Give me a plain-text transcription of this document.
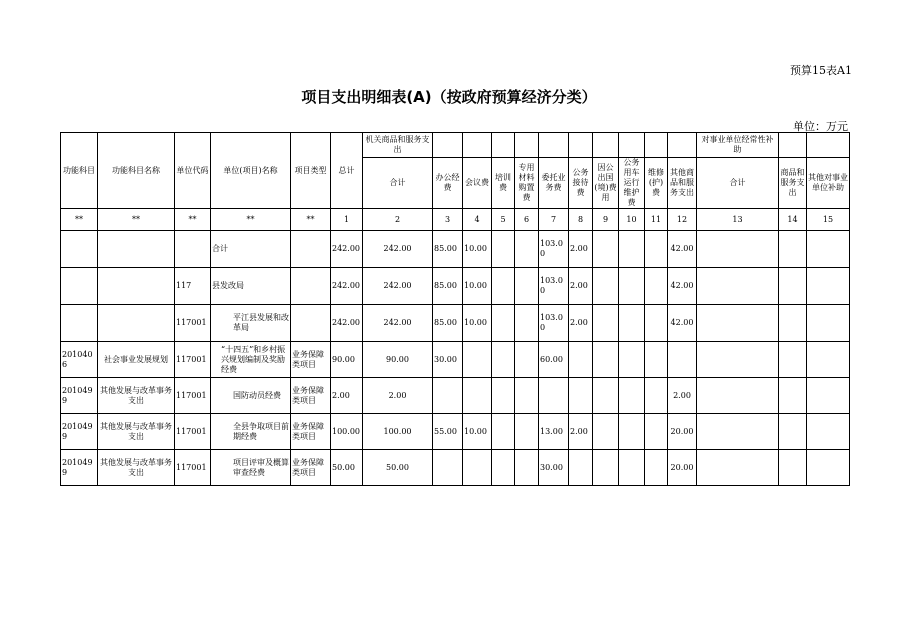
预算15表A1
项目支出明细表(A)（按政府预算经济分类）
单位：万元
功能科目	功能科目名称	单位代码	单位(项目)名称	项目类型	总计	机关商品和服务支出											对事业单位经常性补助		
						合计	办公经费	会议费	培训费	专用材料购置费	委托业务费	公务接待费	因公出国(境)费用	公务用车运行维护费	维修(护)费	其他商品和服务支出	合计	商品和服务支出	其他对事业单位补助
**	**	**	**	**	1	2	3	4	5	6	7	8	9	10	11	12	13	14	15
			合计		242.00	242.00	85.00	10.00			103.00	2.00				42.00			
		117	县发改局		242.00	242.00	85.00	10.00			103.00	2.00				42.00			
		117001	平江县发展和改革局		242.00	242.00	85.00	10.00			103.00	2.00				42.00			
2010406	社会事业发展规划	117001	“十四五”和乡村振兴规划编制及奖励经费	业务保障类项目	90.00	90.00	30.00				60.00								
2010499	其他发展与改革事务支出	117001	国防动员经费	业务保障类项目	2.00	2.00										2.00			
2010499	其他发展与改革事务支出	117001	全县争取项目前期经费	业务保障类项目	100.00	100.00	55.00	10.00			13.00	2.00				20.00			
2010499	其他发展与改革事务支出	117001	项目评审及概算审查经费	业务保障类项目	50.00	50.00					30.00					20.00			
